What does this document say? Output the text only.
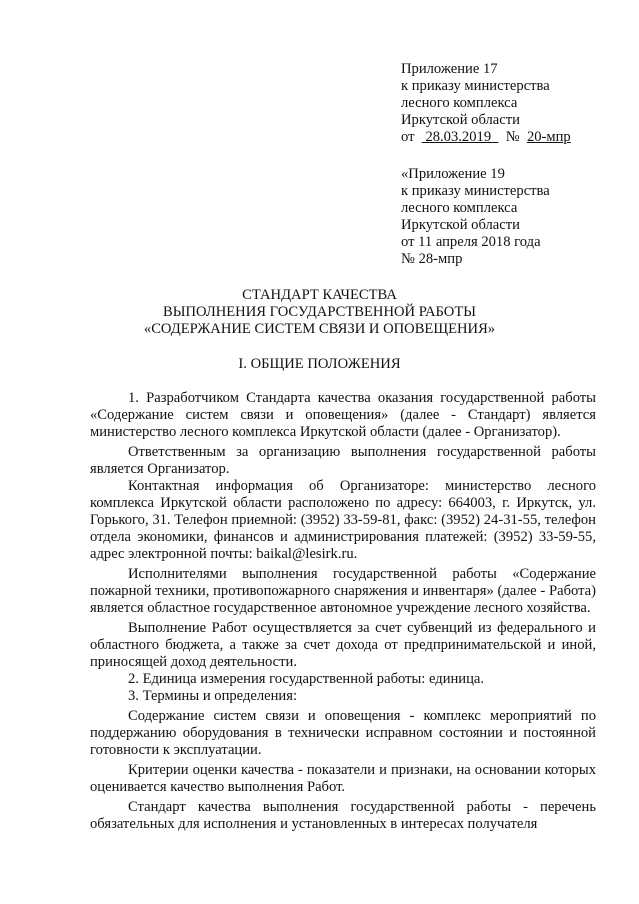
Приложение 17
к приказу министерства
лесного комплекса
Иркутской области
от 28.03.2019 № 20-мпр
«Приложение 19
к приказу министерства
лесного комплекса
Иркутской области
от 11 апреля 2018 года
№ 28-мпр
СТАНДАРТ КАЧЕСТВА
ВЫПОЛНЕНИЯ ГОСУДАРСТВЕННОЙ РАБОТЫ
«СОДЕРЖАНИЕ СИСТЕМ СВЯЗИ И ОПОВЕЩЕНИЯ»
I. ОБЩИЕ ПОЛОЖЕНИЯ

1. Разработчиком Стандарта качества оказания государственной работы «Содержание систем связи и оповещения» (далее - Стандарт) является министерство лесного комплекса Иркутской области (далее - Организатор).

Ответственным за организацию выполнения государственной работы является Организатор.

Контактная информация об Организаторе: министерство лесного комплекса Иркутской области расположено по адресу: 664003, г. Иркутск, ул. Горького, 31. Телефон приемной: (3952) 33-59-81, факс: (3952) 24-31-55, телефон отдела экономики, финансов и администрирования платежей: (3952) 33-59-55, адрес электронной почты: baikal@lesirk.ru.

Исполнителями выполнения государственной работы «Содержание пожарной техники, противопожарного снаряжения и инвентаря» (далее - Работа) является областное государственное автономное учреждение лесного хозяйства.

Выполнение Работ осуществляется за счет субвенций из федерального и областного бюджета, а также за счет дохода от предпринимательской и иной, приносящей доход деятельности.

2. Единица измерения государственной работы: единица.

3. Термины и определения:

Содержание систем связи и оповещения - комплекс мероприятий по поддержанию оборудования в технически исправном состоянии и постоянной готовности к эксплуатации.

Критерии оценки качества - показатели и признаки, на основании которых оценивается качество выполнения Работ.

Стандарт качества выполнения государственной работы - перечень обязательных для исполнения и установленных в интересах получателя
